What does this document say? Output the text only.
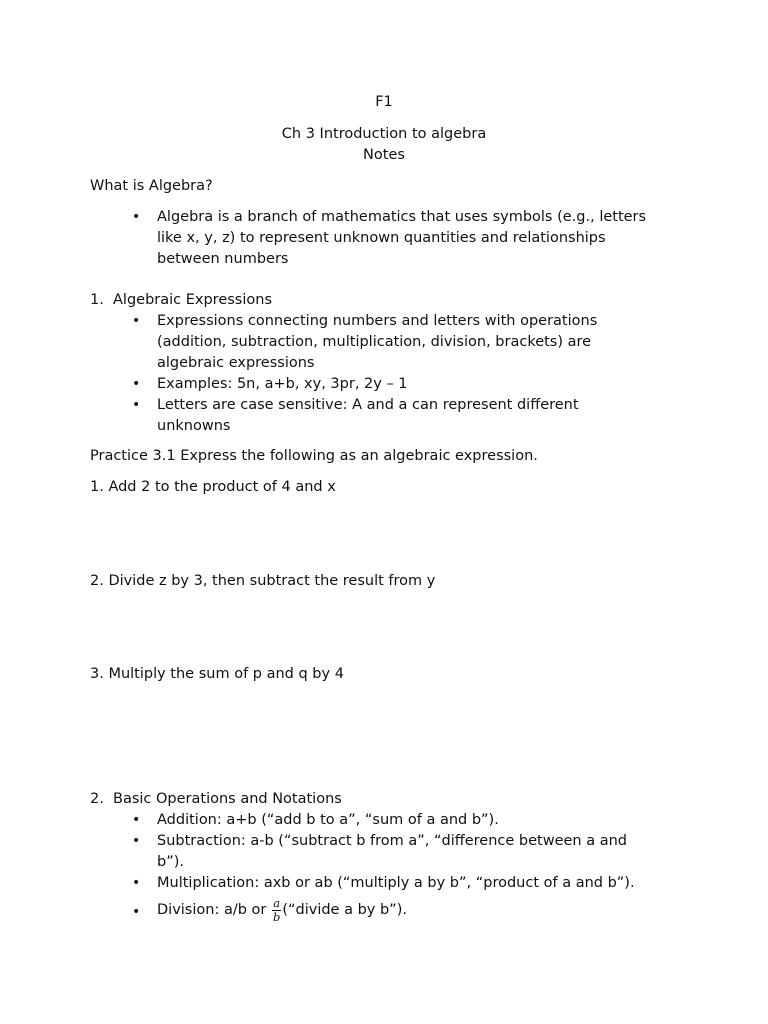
F1
Ch 3 Introduction to algebra
Notes
What is Algebra?
• Algebra is a branch of mathematics that uses symbols (e.g., letters
like x, y, z) to represent unknown quantities and relationships
between numbers
1. Algebraic Expressions
• Expressions connecting numbers and letters with operations
(addition, subtraction, multiplication, division, brackets) are
algebraic expressions
• Examples: 5n, a+b, xy, 3pr, 2y – 1
• Letters are case sensitive: A and a can represent different
unknowns
Practice 3.1 Express the following as an algebraic expression.
1. Add 2 to the product of 4 and x
2. Divide z by 3, then subtract the result from y
3. Multiply the sum of p and q by 4
2. Basic Operations and Notations
• Addition: a+b (“add b to a”, “sum of a and b”).
• Subtraction: a-b (“subtract b from a”, “difference between a and
b”).
• Multiplication: axb or ab (“multiply a by b”, “product of a and b”).
• Division: a/b or $\frac{a}{b}$ (“divide a by b”).
